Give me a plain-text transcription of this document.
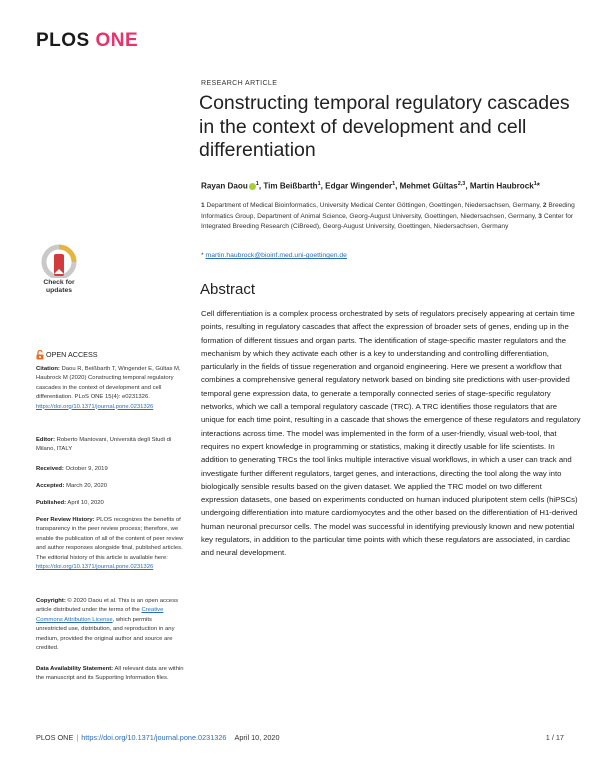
PLOS ONE
RESEARCH ARTICLE
Constructing temporal regulatory cascades in the context of development and cell differentiation
Rayan Daou $^1$, Tim Beißbarth$^1$, Edgar Wingender$^1$, Mehmet Gültas$^{2,3}$, Martin Haubrock$^1$*
1 Department of Medical Bioinformatics, University Medical Center Göttingen, Goettingen, Niedersachsen, Germany, 2 Breeding Informatics Group, Department of Animal Science, Georg-August University, Goettingen, Niedersachsen, Germany, 3 Center for Integrated Breeding Research (CiBreed), Georg-August University, Goettingen, Niedersachsen, Germany
* martin.haubrock@bioinf.med.uni-goettingen.de
Check for
updates
OPEN ACCESS
Citation: Daou R, Beißbarth T, Wingender E, Gültas M, Haubrock M (2020) Constructing temporal regulatory cascades in the context of development and cell differentiation. PLoS ONE 15(4): e0231326. https://doi.org/10.1371/journal.pone.0231326
Editor: Roberto Mantovani, Università degli Studi di Milano, ITALY
Received: October 9, 2019
Accepted: March 20, 2020
Published: April 10, 2020
Peer Review History: PLOS recognizes the benefits of transparency in the peer review process; therefore, we enable the publication of all of the content of peer review and author responses alongside final, published articles. The editorial history of this article is available here: https://doi.org/10.1371/journal.pone.0231326
Copyright: © 2020 Daou et al. This is an open access article distributed under the terms of the Creative Commons Attribution License, which permits unrestricted use, distribution, and reproduction in any medium, provided the original author and source are credited.
Data Availability Statement: All relevant data are within the manuscript and its Supporting Information files.
Abstract

Cell differentiation is a complex process orchestrated by sets of regulators precisely appearing at certain time points, resulting in regulatory cascades that affect the expression of broader sets of genes, ending up in the formation of different tissues and organ parts. The identification of stage-specific master regulators and the mechanism by which they activate each other is a key to understanding and controlling differentiation, particularly in the fields of tissue regeneration and organoid engineering. Here we present a workflow that combines a comprehensive general regulatory network based on binding site predictions with user-provided temporal gene expression data, to generate a temporally connected series of stage-specific regulatory networks, which we call a temporal regulatory cascade (TRC). A TRC identifies those regulators that are unique for each time point, resulting in a cascade that shows the emergence of these regulators and regulatory interactions across time. The model was implemented in the form of a user-friendly, visual web-tool, that requires no expert knowledge in programming or statistics, making it directly usable for life scientists. In addition to generating TRCs the tool links multiple interactive visual workflows, in which a user can track and investigate further different regulators, target genes, and interactions, directing the tool along the way into biologically sensible results based on the given dataset. We applied the TRC model on two different expression datasets, one based on experiments conducted on human induced pluripotent stem cells (hiPSCs) undergoing differentiation into mature cardiomyocytes and the other based on the differentiation of H1-derived human neuronal precursor cells. The model was successful in identifying previously known and new potential key regulators, in addition to the particular time points with which these regulators are associated, in cardiac and neural development.

PLOS ONE | https://doi.org/10.1371/journal.pone.0231326 April 10, 2020	1 / 17
